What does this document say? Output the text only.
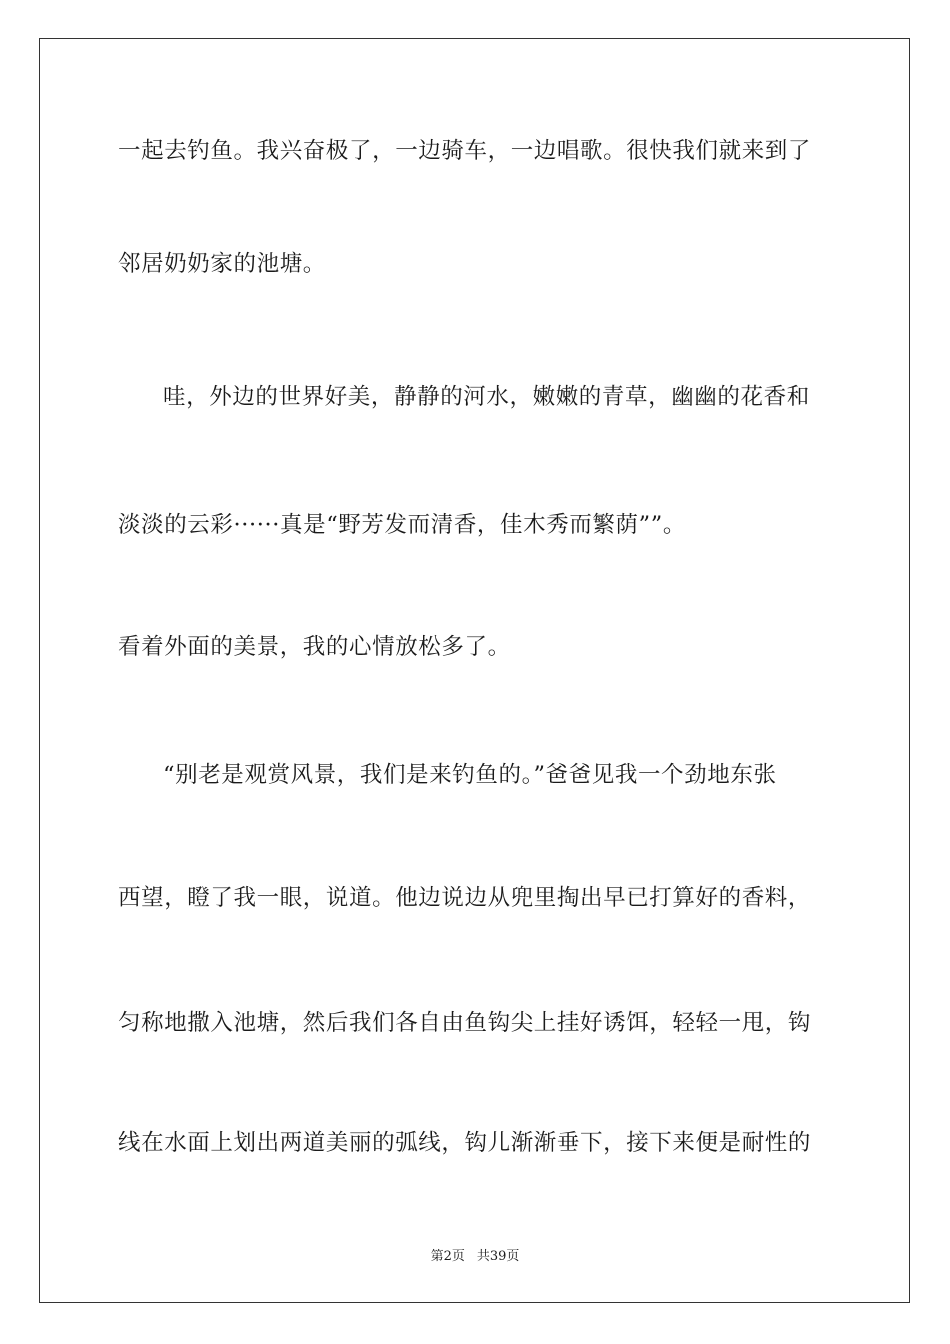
一起去钓鱼。我兴奋极了，一边骑车，一边唱歌。很快我们就来到了
邻居奶奶家的池塘。
哇，外边的世界好美，静静的河水，嫩嫩的青草，幽幽的花香和
淡淡的云彩······真是“野芳发而清香，佳木秀而繁荫””。
看着外面的美景，我的心情放松多了。
“别老是观赏风景，我们是来钓鱼的。”爸爸见我一个劲地东张
西望，瞪了我一眼，说道。他边说边从兜里掏出早已打算好的香料，
匀称地撒入池塘，然后我们各自由鱼钩尖上挂好诱饵，轻轻一甩，钩
线在水面上划出两道美丽的弧线，钩儿渐渐垂下，接下来便是耐性的
第2页 共39页
